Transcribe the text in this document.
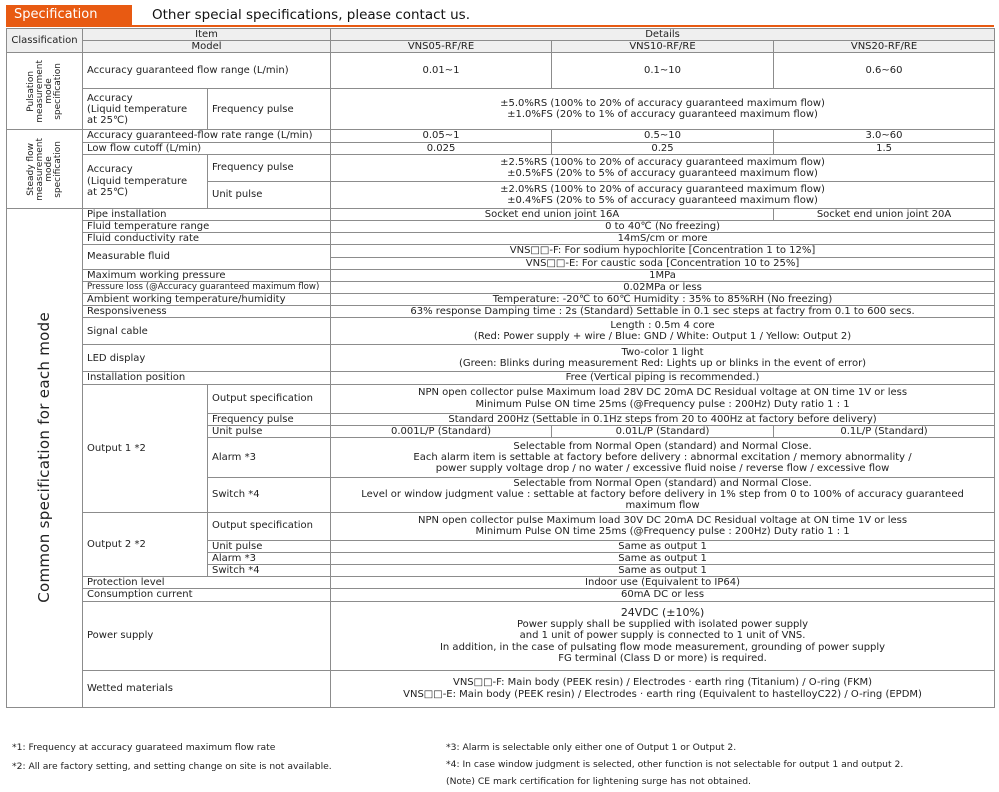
Specification	Other special specifications, please contact us.
Classification	Item		Details		
	Model		VNS05-RF/RE	VNS10-RF/RE	VNS20-RF/RE

Pulsation measurement mode specification	Accuracy guaranteed flow range (L/min)		0.01~1	0.1~10	0.6~60

	Accuracy
(Liquid temperature
at 25℃)	Frequency pulse	±5.0%RS (100% to 20% of accuracy guaranteed maximum flow)
±1.0%FS (20% to 1% of accuracy guaranteed maximum flow)		

Steady flow measurement mode specification	Accuracy guaranteed-flow rate range (L/min)		0.05~1	0.5~10	3.0~60
	Low flow cutoff (L/min)		0.025	0.25	1.5

	Accuracy
(Liquid temperature
at 25℃)	Frequency pulse	±2.5%RS (100% to 20% of accuracy guaranteed maximum flow)
±0.5%FS (20% to 5% of accuracy guaranteed maximum flow)		

		Unit pulse	±2.0%RS (100% to 20% of accuracy guaranteed maximum flow)
±0.4%FS (20% to 5% of accuracy guaranteed maximum flow)		

Common specification for each mode	Pipe installation		Socket end union joint 16A		Socket end union joint 20A
	Fluid temperature range		0 to 40℃ (No freezing)		
	Fluid conductivity rate		14mS/cm or more		
	Measurable fluid		VNS□□-F: For sodium hypochlorite [Concentration 1 to 12%]		
			VNS□□-E: For caustic soda [Concentration 10 to 25%]		
	Maximum working pressure		1MPa		
	Pressure loss (@Accuracy guaranteed maximum flow)		0.02MPa or less		
	Ambient working temperature/humidity		Temperature: -20℃ to 60℃ Humidity : 35% to 85%RH (No freezing)		
	Responsiveness		63% response Damping time : 2s (Standard) Settable in 0.1 sec steps at factry from 0.1 to 600 secs.		
	Signal cable		Length : 0.5m 4 core
(Red: Power supply + wire / Blue: GND / White: Output 1 / Yellow: Output 2)		

	LED display		Two-color 1 light
(Green: Blinks during measurement Red: Lights up or blinks in the event of error)		

	Installation position		Free (Vertical piping is recommended.)		
	Output 1 *2	Output specification	NPN open collector pulse Maximum load 28V DC 20mA DC Residual voltage at ON time 1V or less
Minimum Pulse ON time 25ms (@Frequency pulse : 200Hz) Duty ratio 1 : 1		

		Frequency pulse	Standard 200Hz (Settable in 0.1Hz steps from 20 to 400Hz at factory before delivery)		
		Unit pulse	0.001L/P (Standard)	0.01L/P (Standard)	0.1L/P (Standard)
		Alarm *3	Selectable from Normal Open (standard) and Normal Close.
Each alarm item is settable at factory before delivery : abnormal excitation / memory abnormality /
power supply voltage drop / no water / excessive fluid noise / reverse flow / excessive flow		

		Switch *4	Selectable from Normal Open (standard) and Normal Close.
Level or window judgment value : settable at factory before delivery in 1% step from 0 to 100% of accuracy guaranteed maximum flow		

	Output 2 *2	Output specification	NPN open collector pulse Maximum load 30V DC 20mA DC Residual voltage at ON time 1V or less
Minimum Pulse ON time 25ms (@Frequency pulse : 200Hz) Duty ratio 1 : 1		

		Unit pulse	Same as output 1		
		Alarm *3	Same as output 1		
		Switch *4	Same as output 1		
	Protection level		Indoor use (Equivalent to IP64)		
	Consumption current		60mA DC or less		
	Power supply		24VDC (±10%)
Power supply shall be supplied with isolated power supply
and 1 unit of power supply is connected to 1 unit of VNS.
In addition, in the case of pulsating flow mode measurement, grounding of power supply
FG terminal (Class D or more) is required.		

	Wetted materials		VNS□□-F: Main body (PEEK resin) / Electrodes · earth ring (Titanium) / O-ring (FKM)
VNS□□-E: Main body (PEEK resin) / Electrodes · earth ring (Equivalent to hastelloyC22) / O-ring (EPDM)		
*1: Frequency at accuracy guarateed maximum flow rate
*2: All are factory setting, and setting change on site is not available.
*3: Alarm is selectable only either one of Output 1 or Output 2.
*4: In case window judgment is selected, other function is not selectable for output 1 and output 2.
(Note) CE mark certification for lightening surge has not obtained.
